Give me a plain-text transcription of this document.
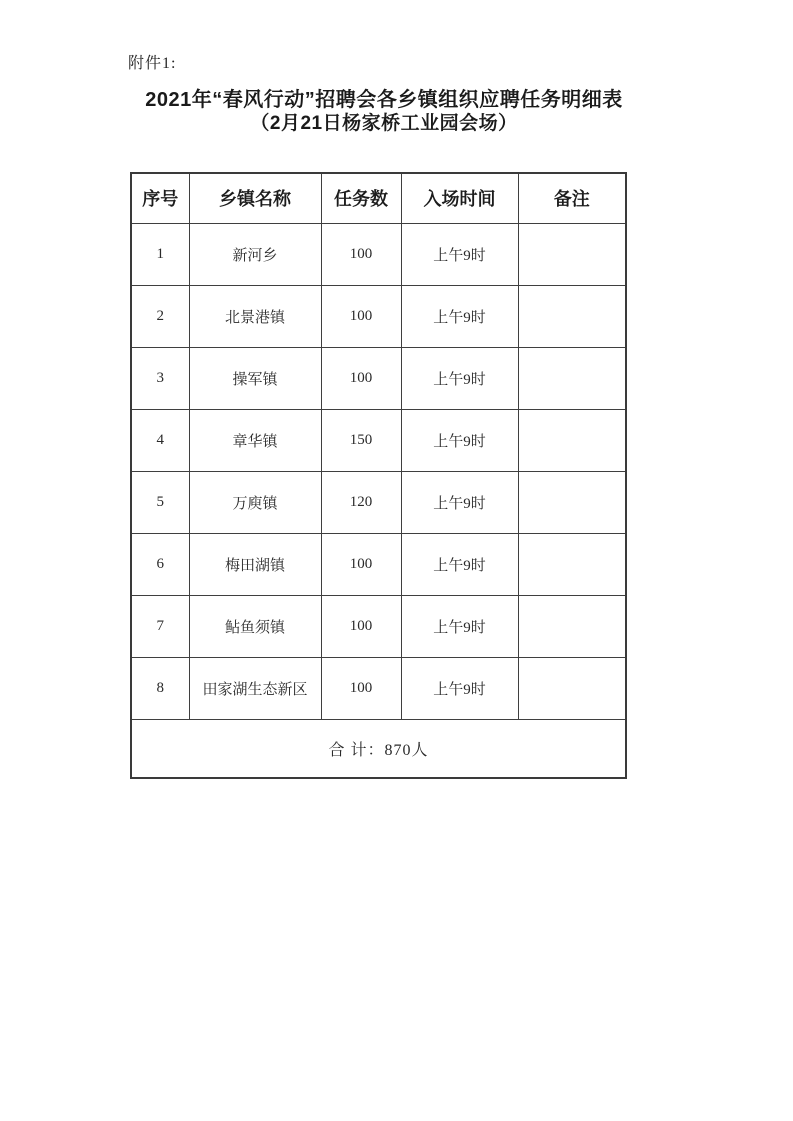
附件1:
2021年“春风行动”招聘会各乡镇组织应聘任务明细表
（2月21日杨家桥工业园会场）
序号	乡镇名称	任务数	入场时间	备注
1	新河乡	100	上午9时	
2	北景港镇	100	上午9时	
3	操军镇	100	上午9时	
4	章华镇	150	上午9时	
5	万庾镇	120	上午9时	
6	梅田湖镇	100	上午9时	
7	鲇鱼须镇	100	上午9时	
8	田家湖生态新区	100	上午9时	
合 计：870人				
